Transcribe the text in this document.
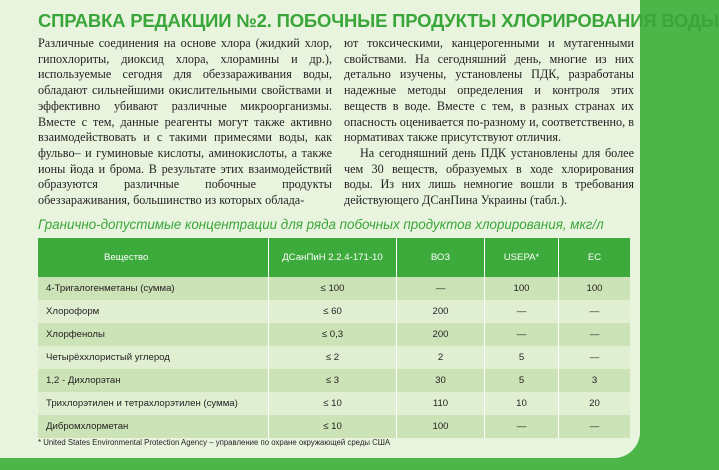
СПРАВКА РЕДАКЦИИ №2. ПОБОЧНЫЕ ПРОДУКТЫ ХЛОРИРОВАНИЯ ВОДЫ

Различные соединения на основе хлора (жидкий хлор, гипохлориты, диоксид хлора, хлорамины и др.), используемые сегодня для обеззараживания воды, обладают сильнейшими окислительными свойствами и эффективно убивают различные микроорганизмы. Вместе с тем, данные реагенты могут также активно взаимодействовать и с такими примесями воды, как фульво– и гуминовые кислоты, аминокислоты, а также ионы йода и брома. В результате этих взаимодействий образуются различные побочные продукты обеззараживания, большинство из которых облада-

ют токсическими, канцерогенными и мутагенными свойствами. На сегодняшний день, многие из них детально изучены, установлены ПДК, разработаны надежные методы определения и контроля этих веществ в воде. Вместе с тем, в разных странах их опасность оценивается по-разному и, соответственно, в нормативах также присутствуют отличия.

На сегодняшний день ПДК установлены для более чем 30 веществ, образуемых в ходе хлорирования воды. Из них лишь немногие вошли в требования действующего ДСанПина Украины (табл.).

Гранично-допустимые концентрации для ряда побочных продуктов хлорирования, мкг/л
Вещество	ДСанПиН 2.2.4-171-10	ВОЗ	USEPA*	ЕС
4-Тригалогенметаны (сумма)	≤ 100	—	100	100
Хлороформ	≤ 60	200	—	—
Хлорфенолы	≤ 0,3	200	—	—
Четырёххлористый углерод	≤ 2	2	5	—
1,2 - Дихлорэтан	≤ 3	30	5	3
Трихлорэтилен и тетрахлорэтилен (сумма)	≤ 10	110	10	20
Дибромхлорметан	≤ 10	100	—	—
* United States Environmental Protection Agency – управление по охране окружающей среды США
